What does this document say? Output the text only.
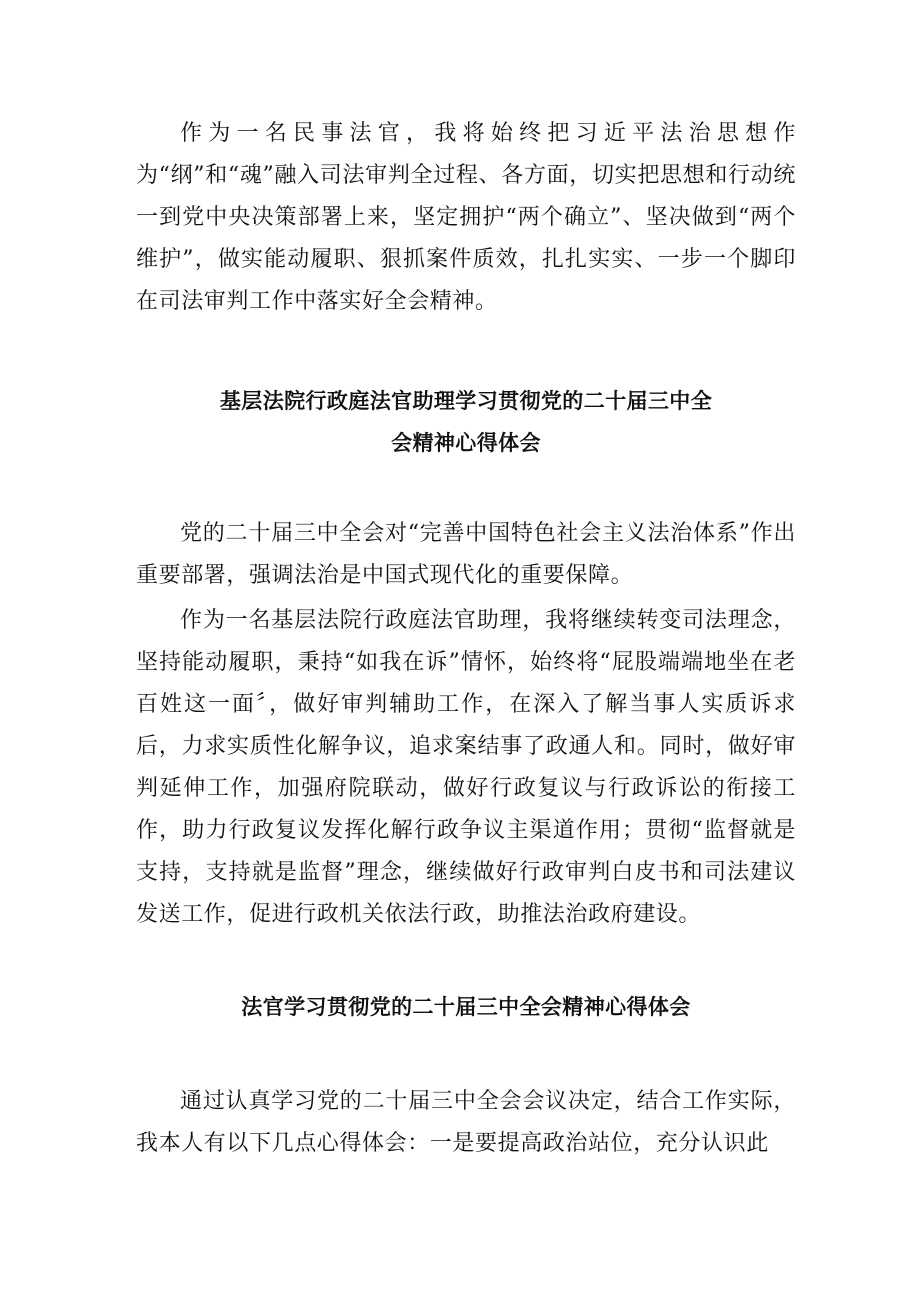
作为一名民事法官，我将始终把习近平法治思想作为“纲”和“魂”融入司法审判全过程、各方面，切实把思想和行动统一到党中央决策部署上来，坚定拥护“两个确立”、坚决做到“两个维护”，做实能动履职、狠抓案件质效，扎扎实实、一步一个脚印在司法审判工作中落实好全会精神。

基层法院行政庭法官助理学习贯彻党的二十届三中全
会精神心得体会

党的二十届三中全会对“完善中国特色社会主义法治体系”作出重要部署，强调法治是中国式现代化的重要保障。

作为一名基层法院行政庭法官助理，我将继续转变司法理念，坚持能动履职，秉持“如我在诉”情怀，始终将“屁股端端地坐在老百姓这一面〞，做好审判辅助工作，在深入了解当事人实质诉求后，力求实质性化解争议，追求案结事了政通人和。同时，做好审判延伸工作，加强府院联动，做好行政复议与行政诉讼的衔接工作，助力行政复议发挥化解行政争议主渠道作用；贯彻“监督就是支持，支持就是监督”理念，继续做好行政审判白皮书和司法建议发送工作，促进行政机关依法行政，助推法治政府建设。

法官学习贯彻党的二十届三中全会精神心得体会

通过认真学习党的二十届三中全会会议决定，结合工作实际，我本人有以下几点心得体会：一是要提高政治站位，充分认识此
